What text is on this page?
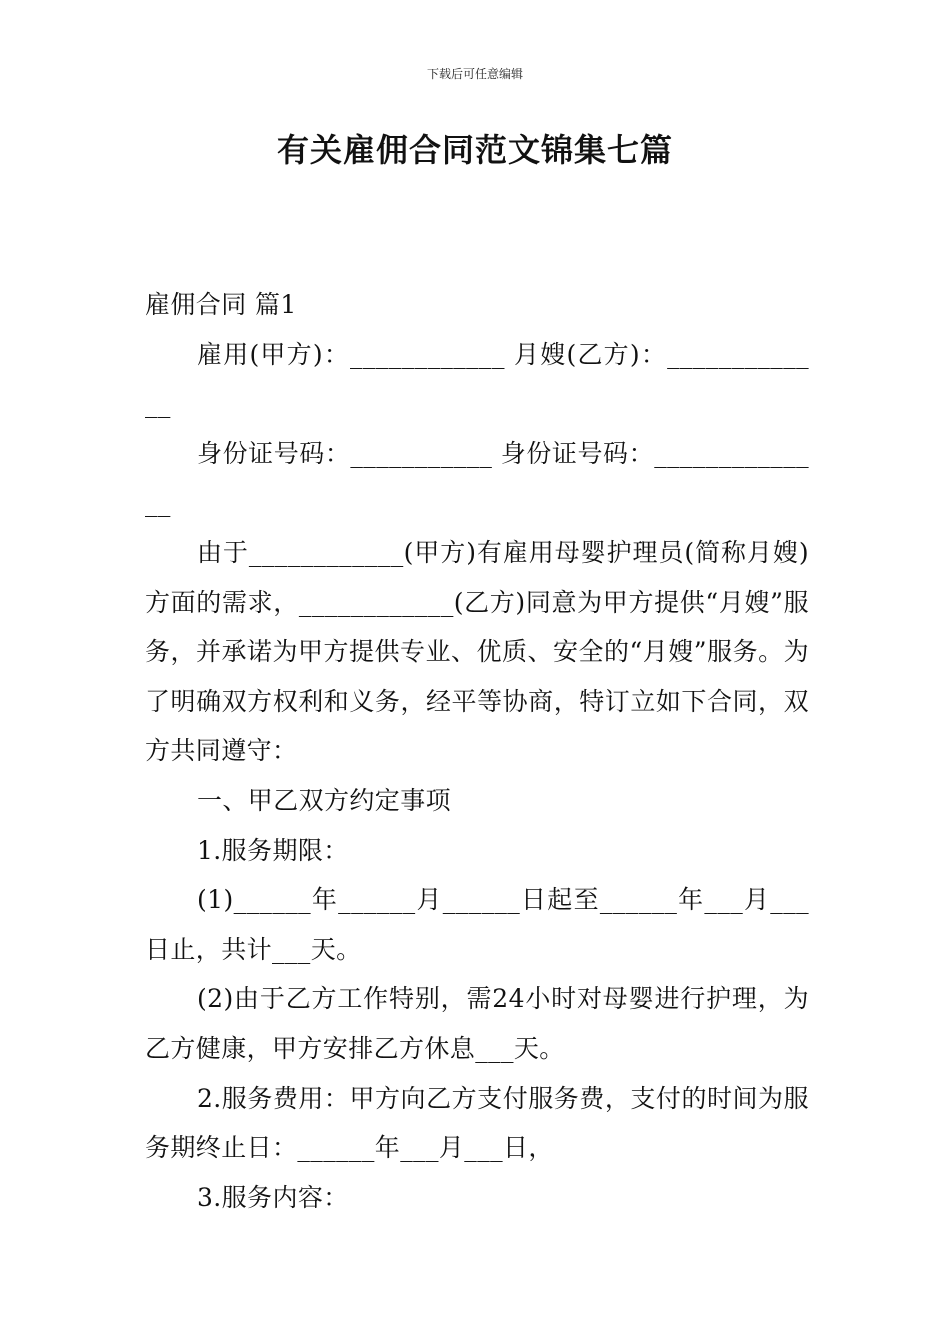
下载后可任意编辑
有关雇佣合同范文锦集七篇

雇佣合同 篇1

雇用(甲方)：____________ 月嫂(乙方)：_____________

身份证号码：___________ 身份证号码：______________

由于____________(甲方)有雇用母婴护理员(简称月嫂)方面的需求，____________(乙方)同意为甲方提供“月嫂”服务，并承诺为甲方提供专业、优质、安全的“月嫂”服务。为了明确双方权利和义务，经平等协商，特订立如下合同，双方共同遵守：

一、甲乙双方约定事项

1.服务期限：

(1)______年______月______日起至______年___月___日止，共计___天。

(2)由于乙方工作特别，需24小时对母婴进行护理，为乙方健康，甲方安排乙方休息___天。

2.服务费用：甲方向乙方支付服务费，支付的时间为服务期终止日：______年___月___日，

3.服务内容：
